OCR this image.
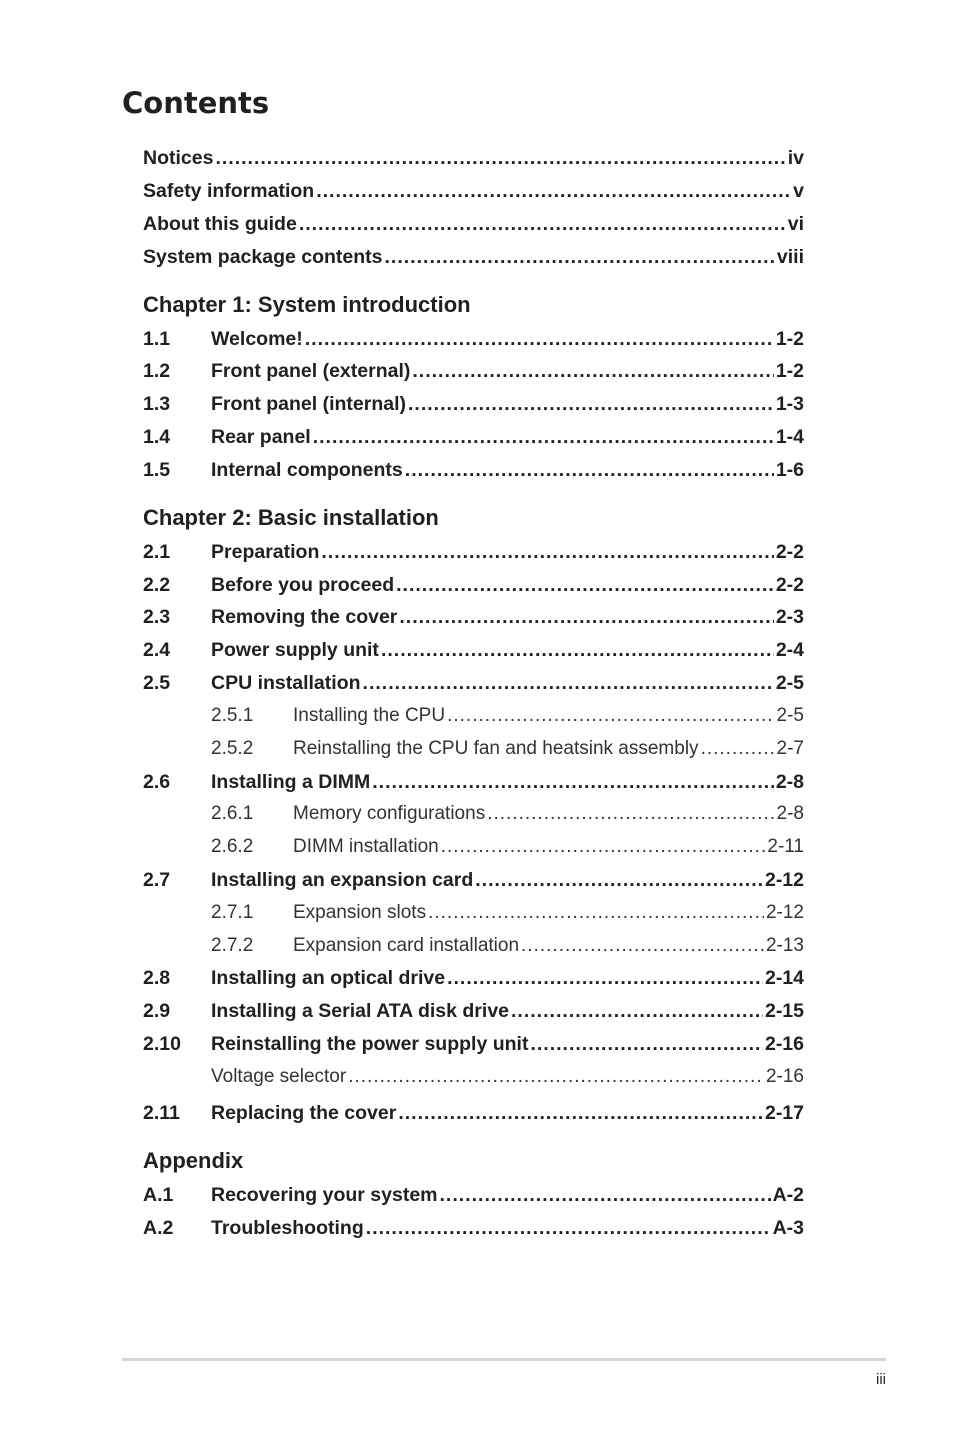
Contents
Notices .....	iv
Safety information .....	v
About this guide .....	vi
System package contents .....	viii
Chapter 1: System introduction
1.1	Welcome! .....	1-2
1.2	Front panel (external) .....	1-2
1.3	Front panel (internal) .....	1-3
1.4	Rear panel .....	1-4
1.5	Internal components .....	1-6
Chapter 2: Basic installation
2.1	Preparation .....	2-2
2.2	Before you proceed .....	2-2
2.3	Removing the cover .....	2-3
2.4	Power supply unit .....	2-4
2.5	CPU installation .....	2-5
2.5.1	Installing the CPU .....	2-5
2.5.2	Reinstalling the CPU fan and heatsink assembly .....	2-7
2.6	Installing a DIMM .....	2-8
2.6.1	Memory configurations .....	2-8
2.6.2	DIMM installation .....	2-11
2.7	Installing an expansion card .....	2-12
2.7.1	Expansion slots .....	2-12
2.7.2	Expansion card installation .....	2-13
2.8	Installing an optical drive .....	2-14
2.9	Installing a Serial ATA disk drive .....	2-15
2.10	Reinstalling the power supply unit .....	2-16
Voltage selector .....	2-16
2.11	Replacing the cover .....	2-17
Appendix
A.1	Recovering your system .....	A-2
A.2	Troubleshooting .....	A-3
iii
